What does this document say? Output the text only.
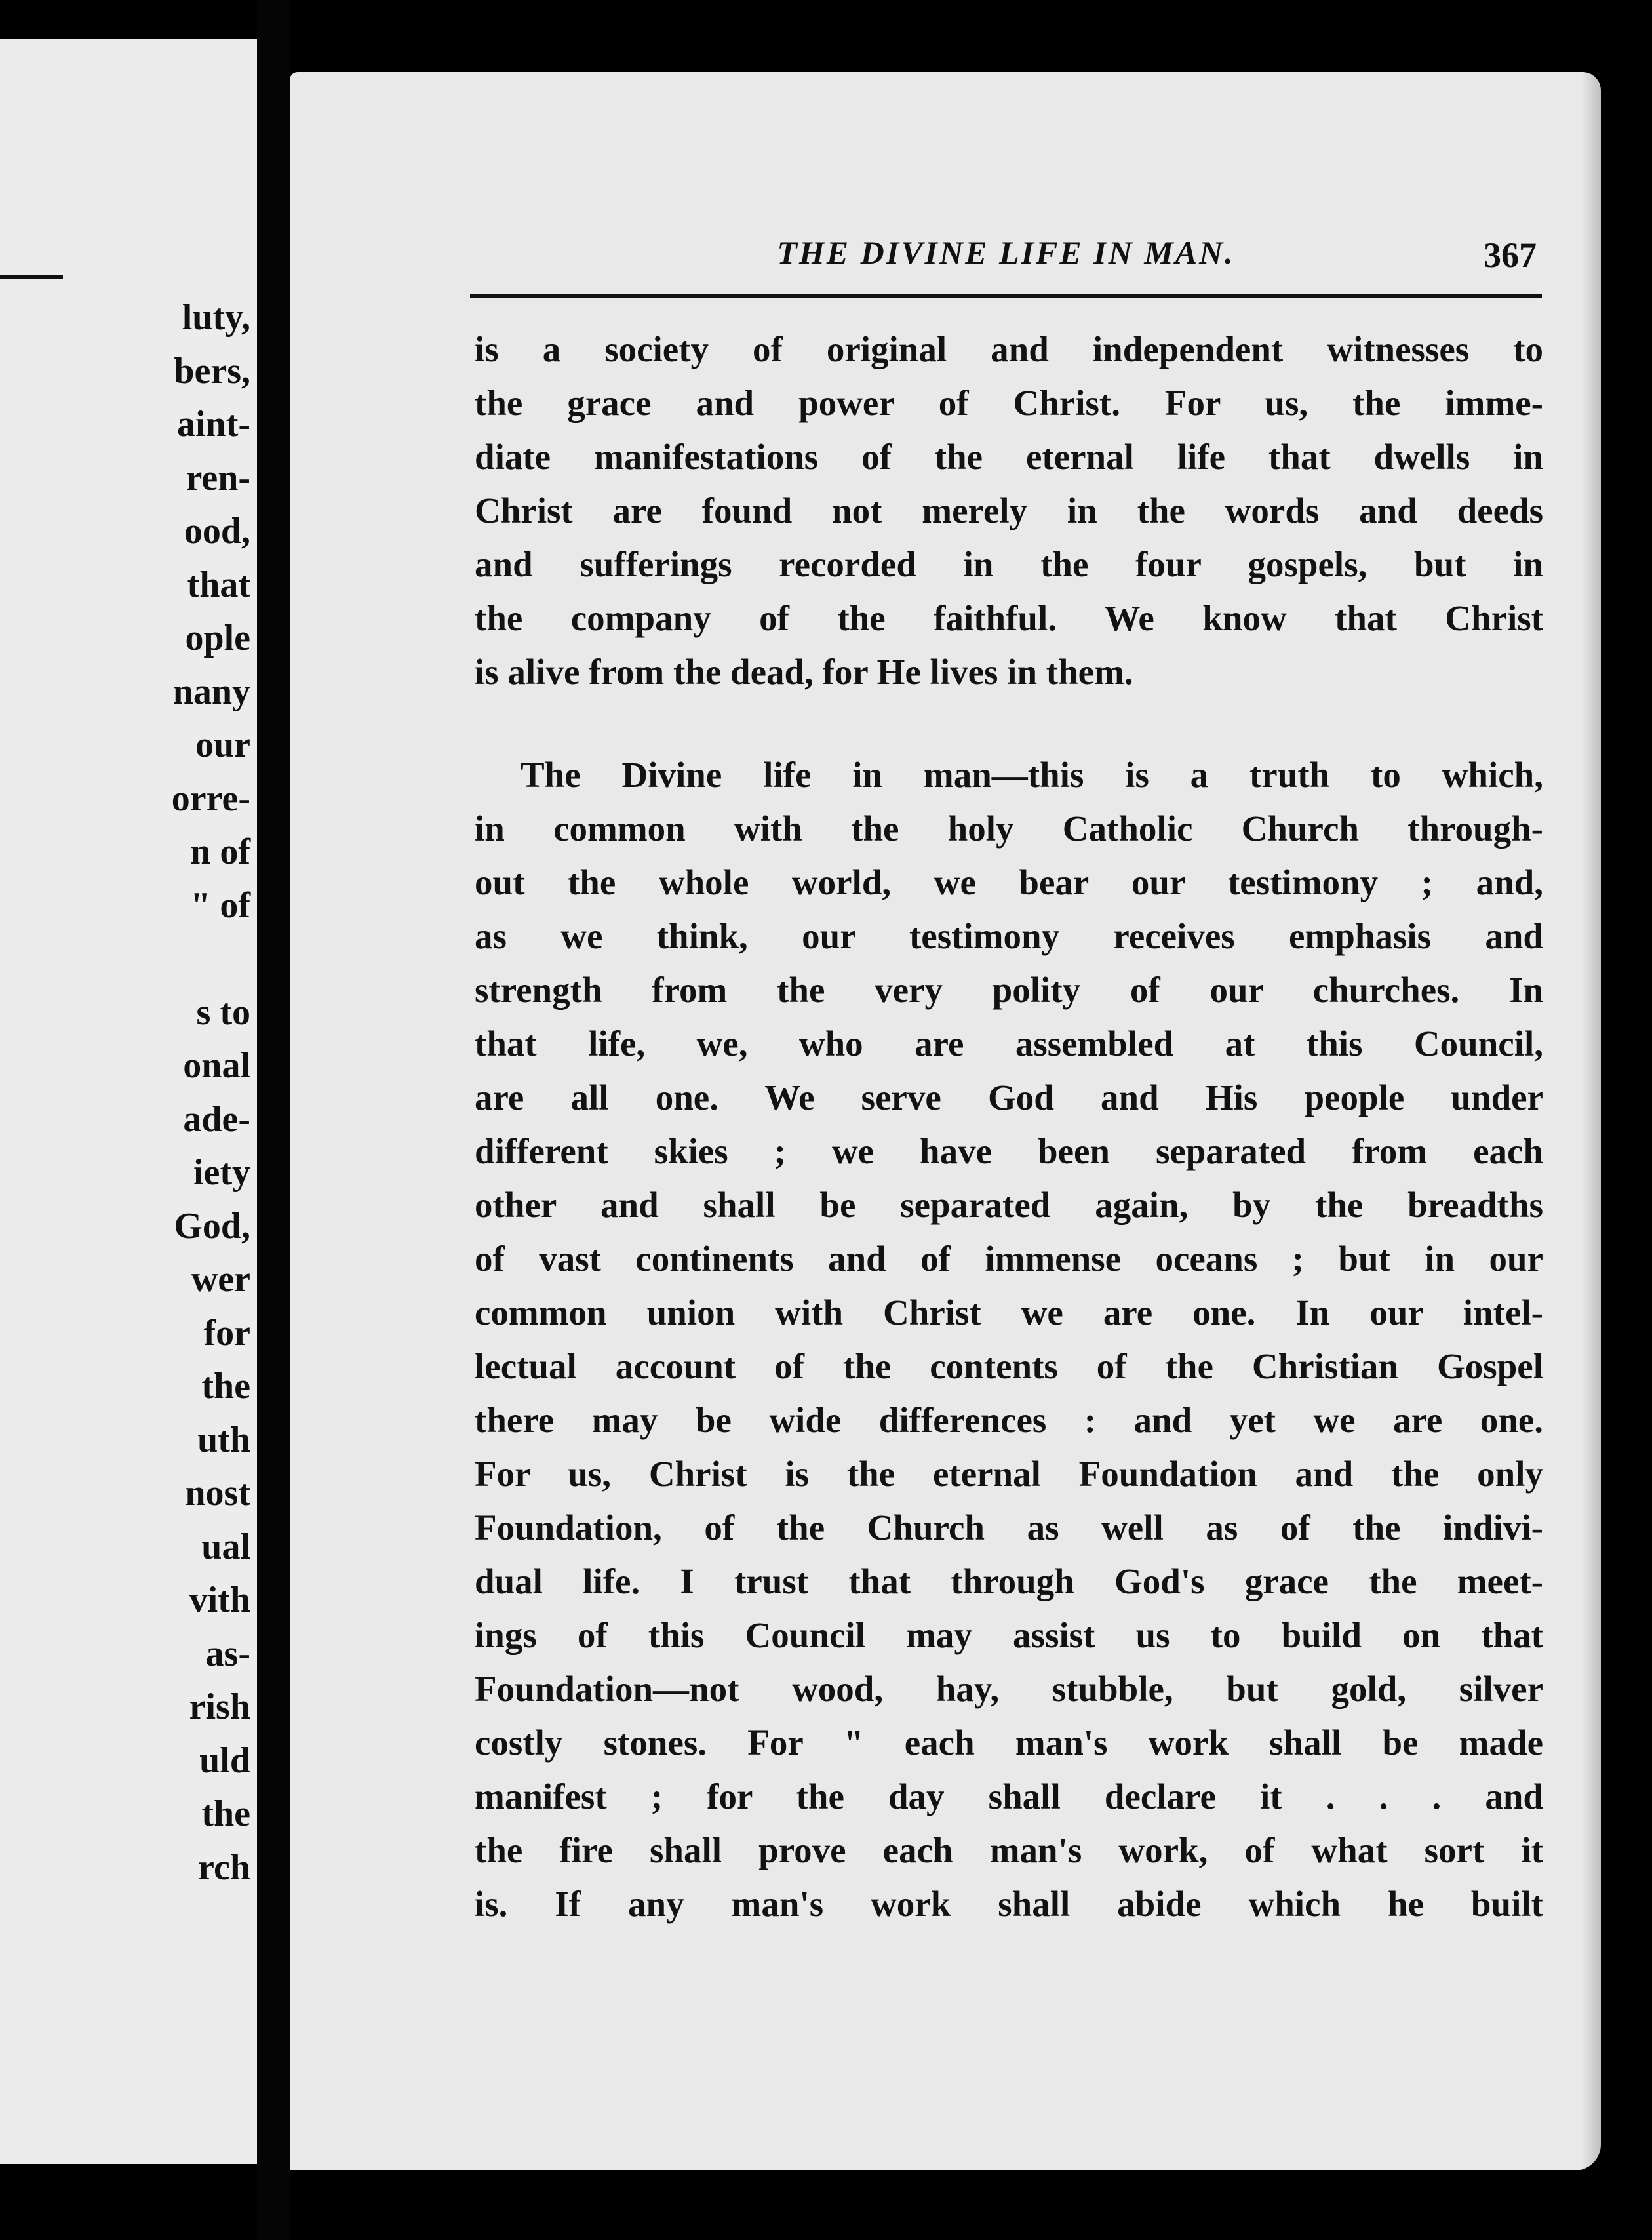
luty,
bers,
aint-
ren-
ood,
that
ople
nany
our
orre-
n of
" of
s to
onal
ade-
iety
God,
wer
for
the
uth
nost
ual
vith
as-
rish
uld
the
rch
THE DIVINE LIFE IN MAN.	367
is a society of original and independent witnesses to
the grace and power of Christ. For us, the imme-
diate manifestations of the eternal life that dwells in
Christ are found not merely in the words and deeds
and sufferings recorded in the four gospels, but in
the company of the faithful. We know that Christ
is alive from the dead, for He lives in them.
The Divine life in man—this is a truth to which,
in common with the holy Catholic Church through-
out the whole world, we bear our testimony ; and,
as we think, our testimony receives emphasis and
strength from the very polity of our churches. In
that life, we, who are assembled at this Council,
are all one. We serve God and His people under
different skies ; we have been separated from each
other and shall be separated again, by the breadths
of vast continents and of immense oceans ; but in our
common union with Christ we are one. In our intel-
lectual account of the contents of the Christian Gospel
there may be wide differences : and yet we are one.
For us, Christ is the eternal Foundation and the only
Foundation, of the Church as well as of the indivi-
dual life. I trust that through God's grace the meet-
ings of this Council may assist us to build on that
Foundation—not wood, hay, stubble, but gold, silver
costly stones. For " each man's work shall be made
manifest ; for the day shall declare it . . . and
the fire shall prove each man's work, of what sort it
is. If any man's work shall abide which he built
